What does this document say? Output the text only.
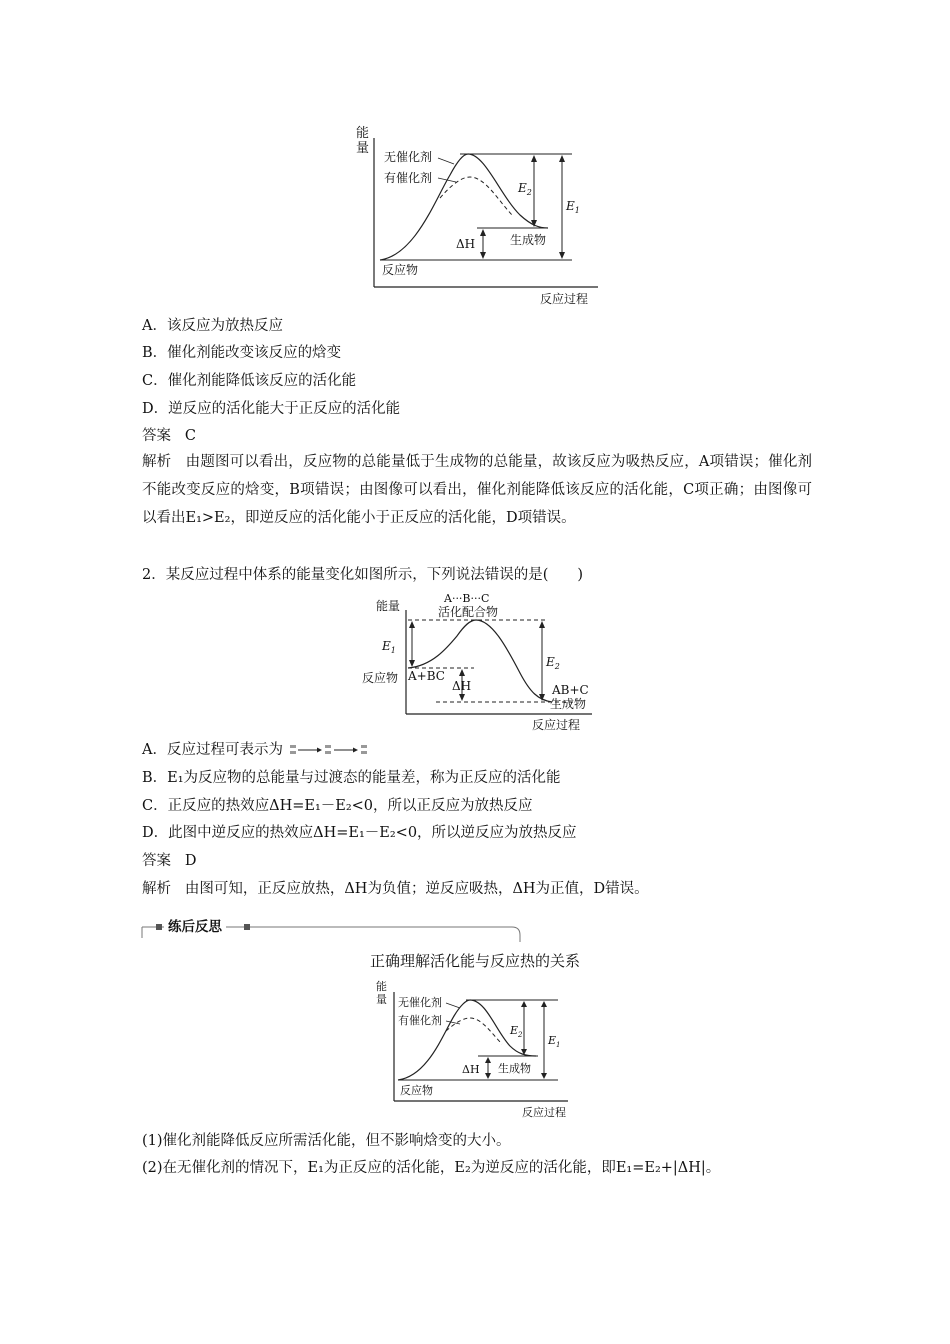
能
量
反应过程
无催化剂
有催化剂
反应物
生成物
$E_2$
$E_1$
ΔH
A．该反应为放热反应
B．催化剂能改变该反应的焓变
C．催化剂能降低该反应的活化能
D．逆反应的活化能大于正反应的活化能
答案 C
解析 由题图可以看出，反应物的总能量低于生成物的总能量，故该反应为吸热反应，A项错误；催化剂不能改变反应的焓变，B项错误；由图像可以看出，催化剂能降低该反应的活化能，C项正确；由图像可以看出E₁>E₂，即逆反应的活化能小于正反应的活化能，D项错误。
2．某反应过程中体系的能量变化如图所示，下列说法错误的是(　　)
能量
反应过程
A···B···C
活化配合物
$E_1$
$E_2$
ΔH
反应物 A+BC
AB+C
生成物
A．反应过程可表示为
B．E₁为反应物的总能量与过渡态的能量差，称为正反应的活化能
C．正反应的热效应ΔH=E₁－E₂<0，所以正反应为放热反应
D．此图中逆反应的热效应ΔH=E₁－E₂<0，所以逆反应为放热反应
答案 D
解析 由图可知，正反应放热，ΔH为负值；逆反应吸热，ΔH为正值，D错误。
练后反思
正确理解活化能与反应热的关系
能
量
反应过程
无催化剂
有催化剂
反应物
生成物
$E_2$ $E_1$
ΔH
(1)催化剂能降低反应所需活化能，但不影响焓变的大小。
(2)在无催化剂的情况下，E₁为正反应的活化能，E₂为逆反应的活化能，即E₁=E₂+|ΔH|。
